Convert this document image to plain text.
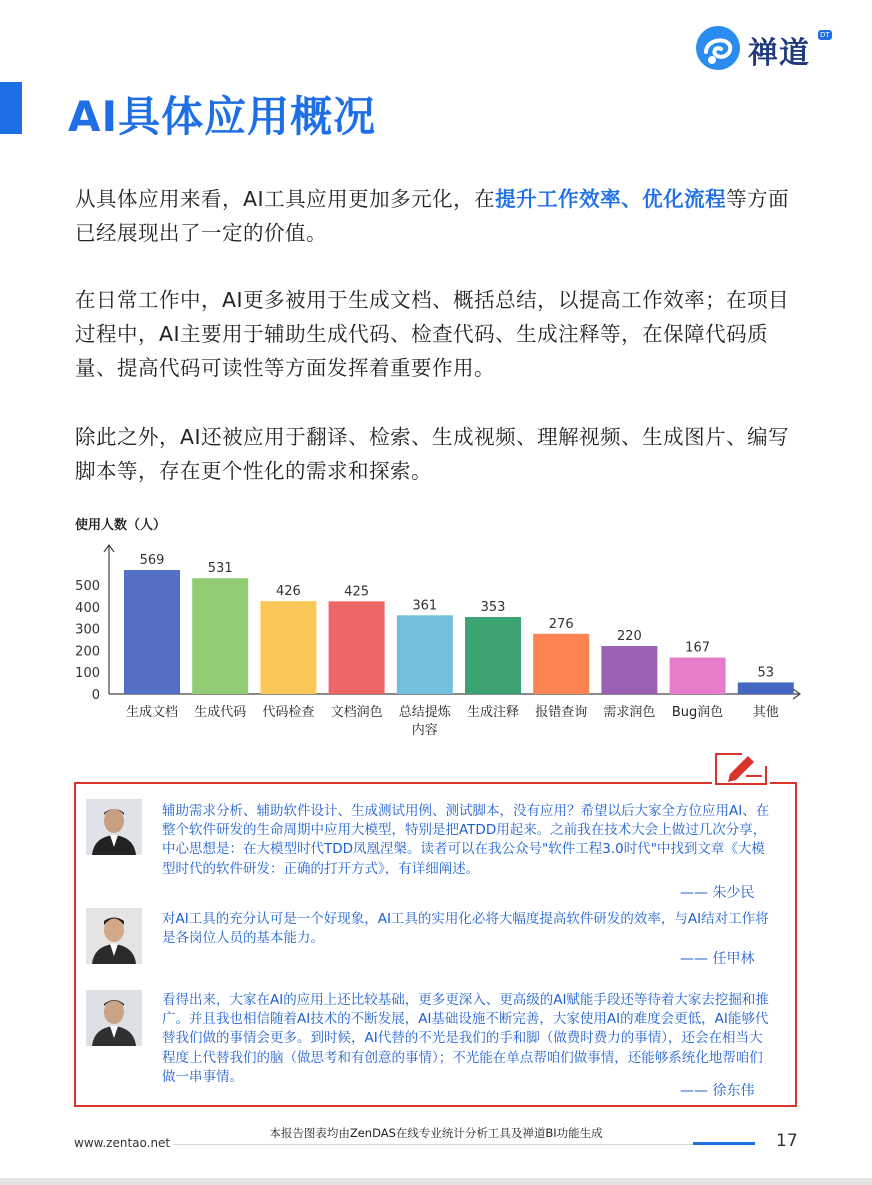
AI具体应用概况
禅道
DT
从具体应用来看，AI工具应用更加多元化，在提升工作效率、优化流程等方面已经展现出了一定的价值。
在日常工作中，AI更多被用于生成文档、概括总结，以提高工作效率；在项目过程中，AI主要用于辅助生成代码、检查代码、生成注释等，在保障代码质量、提高代码可读性等方面发挥着重要作用。
除此之外，AI还被应用于翻译、检索、生成视频、理解视频、生成图片、编写脚本等，存在更个性化的需求和探索。
使用人数（人）
0
100
200
300
400
500
569
生成文档
531
生成代码
426
代码检查
425
文档润色
361
总结提炼
内容
353
生成注释
276
报错查询
220
需求润色
167
Bug润色
53
其他
辅助需求分析、辅助软件设计、生成测试用例、测试脚本，没有应用？希望以后大家全方位应用AI、在整个软件研发的生命周期中应用大模型，特别是把ATDD用起来。之前我在技术大会上做过几次分享，中心思想是：在大模型时代TDD凤凰涅槃。读者可以在我公众号"软件工程3.0时代"中找到文章《大模型时代的软件研发：正确的打开方式》，有详细阐述。
—— 朱少民
对AI工具的充分认可是一个好现象，AI工具的实用化必将大幅度提高软件研发的效率，与AI结对工作将是各岗位人员的基本能力。
—— 任甲林
看得出来，大家在AI的应用上还比较基础，更多更深入、更高级的AI赋能手段还等待着大家去挖掘和推广。并且我也相信随着AI技术的不断发展，AI基础设施不断完善，大家使用AI的难度会更低，AI能够代替我们做的事情会更多。到时候，AI代替的不光是我们的手和脚（做费时费力的事情），还会在相当大程度上代替我们的脑（做思考和有创意的事情）；不光能在单点帮咱们做事情，还能够系统化地帮咱们做一串事情。
—— 徐东伟
本报告图表均由ZenDAS在线专业统计分析工具及禅道BI功能生成
www.zentao.net	17
